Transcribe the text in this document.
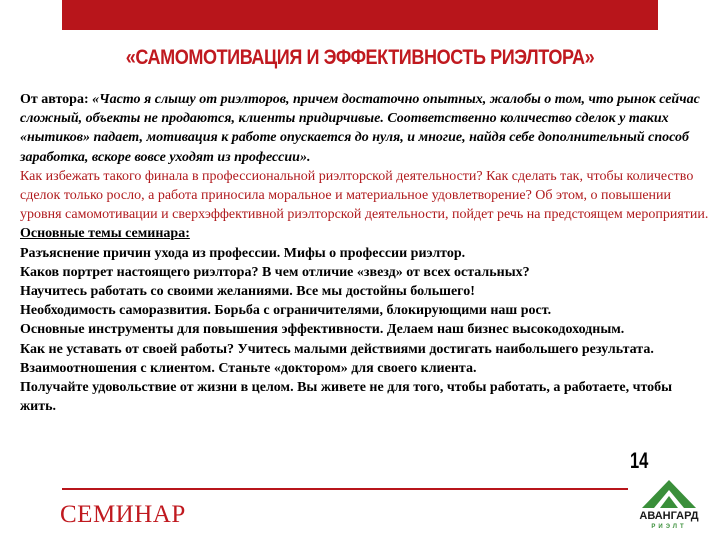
«САМОМОТИВАЦИЯ И ЭФФЕКТИВНОСТЬ РИЭЛТОРА»

От автора: «Часто я слышу от риэлторов, причем достаточно опытных, жалобы о том, что рынок сейчас сложный, объекты не продаются, клиенты придирчивые. Соответственно количество сделок у таких «нытиков» падает, мотивация к работе опускается до нуля, и многие, найдя себе дополнительный способ заработка, вскоре вовсе уходят из профессии».

Как избежать такого финала в профессиональной риэлторской деятельности? Как сделать так, чтобы количество сделок только росло, а работа приносила моральное и материальное удовлетворение? Об этом, о повышении уровня самомотивации и сверхэффективной риэлторской деятельности, пойдет речь на предстоящем мероприятии.

Основные темы семинара:

Разъяснение причин ухода из профессии. Мифы о профессии риэлтор.

Каков портрет настоящего риэлтора? В чем отличие «звезд» от всех остальных?

Научитесь работать со своими желаниями. Все мы достойны большего!

Необходимость саморазвития. Борьба с ограничителями, блокирующими наш рост.

Основные инструменты для повышения эффективности. Делаем наш бизнес высокодоходным.

Как не уставать от своей работы? Учитесь малыми действиями достигать наибольшего результата.

Взаимоотношения с клиентом. Станьте «доктором» для своего клиента.

Получайте удовольствие от жизни в целом. Вы живете не для того, чтобы работать, а работаете, чтобы жить.

14
СЕМИНАР	АВАНГАРД
РИЭЛТ
